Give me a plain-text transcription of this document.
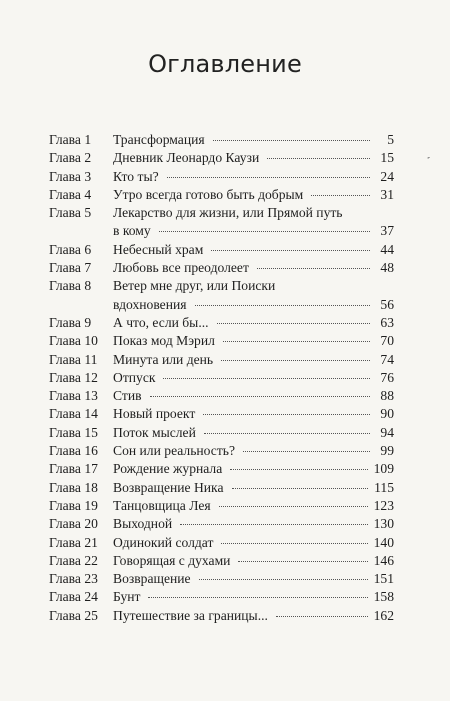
Оглавление
Глава 1	Трансформация	5
Глава 2	Дневник Леонардо Каузи	15
Глава 3	Кто ты?	24
Глава 4	Утро всегда готово быть добрым	31
Глава 5	Лекарство для жизни, или Прямой путь
в кому	37
Глава 6	Небесный храм	44
Глава 7	Любовь все преодолеет	48
Глава 8	Ветер мне друг, или Поиски
вдохновения	56
Глава 9	А что, если бы...	63
Глава 10	Показ мод Мэрил	70
Глава 11	Минута или день	74
Глава 12	Отпуск	76
Глава 13	Стив	88
Глава 14	Новый проект	90
Глава 15	Поток мыслей	94
Глава 16	Сон или реальность?	99
Глава 17	Рождение журнала	109
Глава 18	Возвращение Ника	115
Глава 19	Танцовщица Лея	123
Глава 20	Выходной	130
Глава 21	Одинокий солдат	140
Глава 22	Говорящая с духами	146
Глава 23	Возвращение	151
Глава 24	Бунт	158
Глава 25	Путешествие за границы...	162
˹
